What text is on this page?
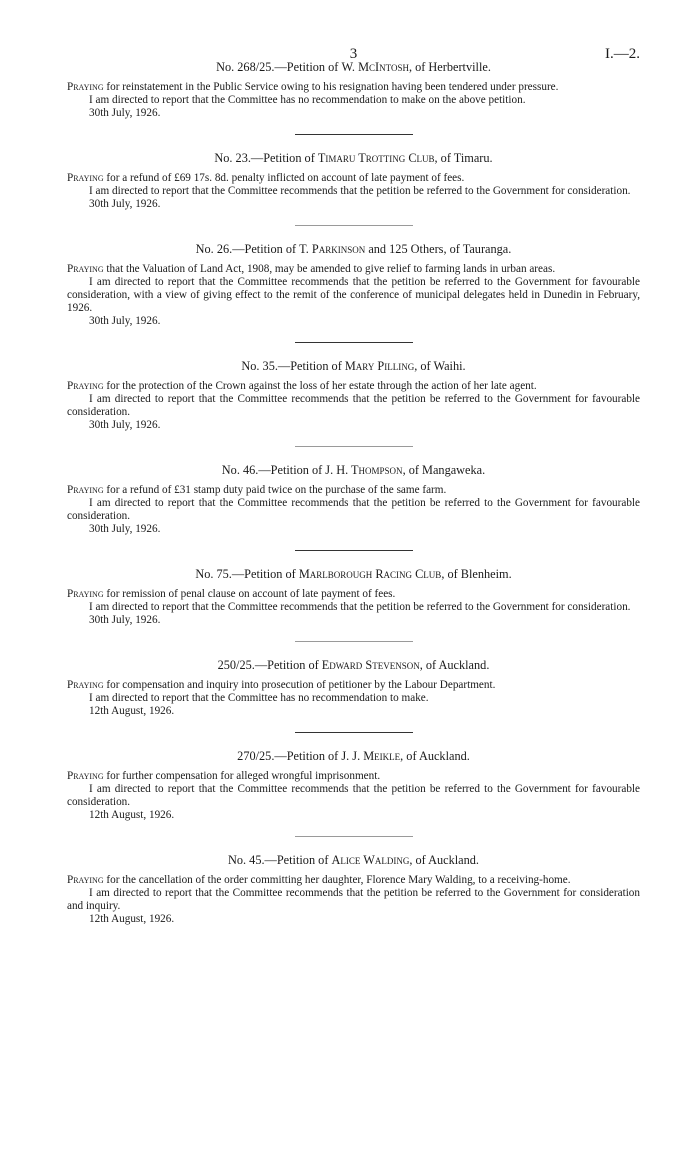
3	I.—2.

No. 268/25.—Petition of W. McIntosh, of Herbertville.

Praying for reinstatement in the Public Service owing to his resignation having been tendered under pressure.

I am directed to report that the Committee has no recommendation to make on the above petition.

30th July, 1926.

No. 23.—Petition of Timaru Trotting Club, of Timaru.

Praying for a refund of £69 17s. 8d. penalty inflicted on account of late payment of fees.

I am directed to report that the Committee recommends that the petition be referred to the Government for consideration.

30th July, 1926.

No. 26.—Petition of T. Parkinson and 125 Others, of Tauranga.

Praying that the Valuation of Land Act, 1908, may be amended to give relief to farming lands in urban areas.

I am directed to report that the Committee recommends that the petition be referred to the Government for favourable consideration, with a view of giving effect to the remit of the conference of municipal delegates held in Dunedin in February, 1926.

30th July, 1926.

No. 35.—Petition of Mary Pilling, of Waihi.

Praying for the protection of the Crown against the loss of her estate through the action of her late agent.

I am directed to report that the Committee recommends that the petition be referred to the Government for favourable consideration.

30th July, 1926.

No. 46.—Petition of J. H. Thompson, of Mangaweka.

Praying for a refund of £31 stamp duty paid twice on the purchase of the same farm.

I am directed to report that the Committee recommends that the petition be referred to the Government for favourable consideration.

30th July, 1926.

No. 75.—Petition of Marlborough Racing Club, of Blenheim.

Praying for remission of penal clause on account of late payment of fees.

I am directed to report that the Committee recommends that the petition be referred to the Government for consideration.

30th July, 1926.

250/25.—Petition of Edward Stevenson, of Auckland.

Praying for compensation and inquiry into prosecution of petitioner by the Labour Department.

I am directed to report that the Committee has no recommendation to make.

12th August, 1926.

270/25.—Petition of J. J. Meikle, of Auckland.

Praying for further compensation for alleged wrongful imprisonment.

I am directed to report that the Committee recommends that the petition be referred to the Government for favourable consideration.

12th August, 1926.

No. 45.—Petition of Alice Walding, of Auckland.

Praying for the cancellation of the order committing her daughter, Florence Mary Walding, to a receiving-home.

I am directed to report that the Committee recommends that the petition be referred to the Government for consideration and inquiry.

12th August, 1926.
